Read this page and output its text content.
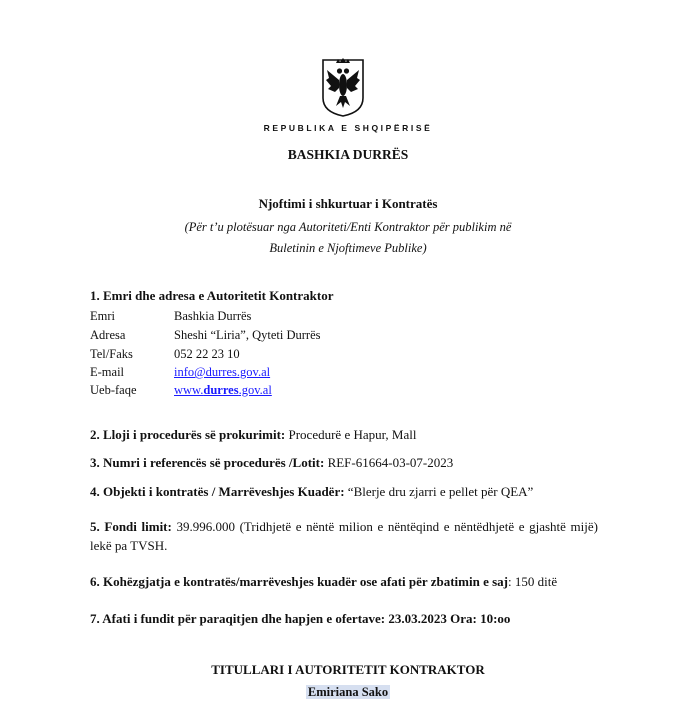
REPUBLIKA E SHQIPËRISË
BASHKIA DURRËS
Njoftimi i shkurtuar i Kontratës
(Për t’u plotësuar nga Autoriteti/Enti Kontraktor për publikim në
Buletinin e Njoftimeve Publike)
1. Emri dhe adresa e Autoritetit Kontraktor
Emri	Bashkia Durrës
Adresa	Sheshi “Liria”, Qyteti Durrës
Tel/Faks	052 22 23 10
E-mail	info@durres.gov.al
Ueb-faqe	www.durres.gov.al
2. Lloji i procedurës së prokurimit: Procedurë e Hapur, Mall
3. Numri i referencës së procedurës /Lotit: REF-61664-03-07-2023
4. Objekti i kontratës / Marrëveshjes Kuadër: “Blerje dru zjarri e pellet për QEA”
5. Fondi limit: 39.996.000 (Tridhjetë e nëntë milion e nëntëqind e nëntëdhjetë e gjashtë mijë) lekë pa TVSH.
6. Kohëzgjatja e kontratës/marrëveshjes kuadër ose afati për zbatimin e saj: 150 ditë
7. Afati i fundit për paraqitjen dhe hapjen e ofertave: 23.03.2023 Ora: 10:oo
TITULLARI I AUTORITETIT KONTRAKTOR
Emiriana Sako
